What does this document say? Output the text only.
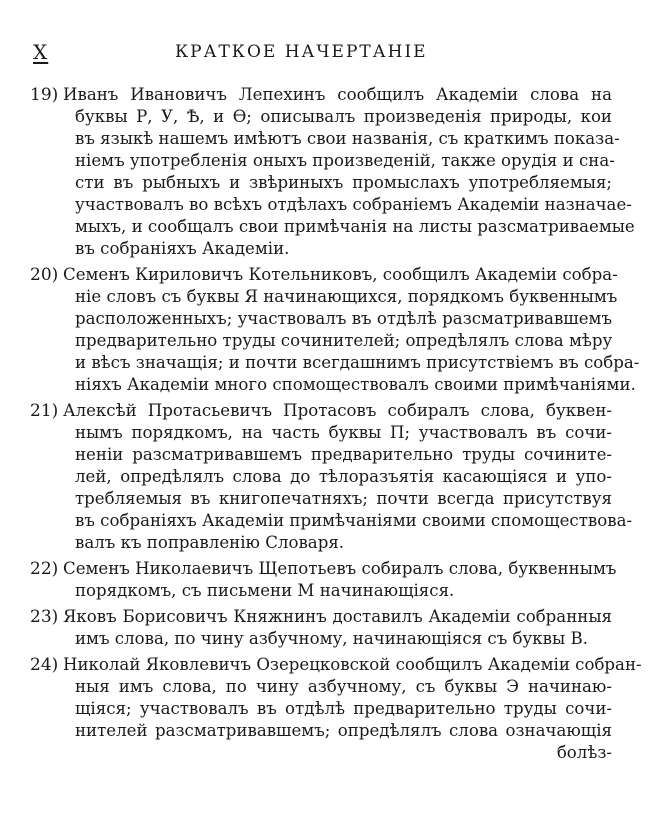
X	КРАТКОЕ НАЧЕРТАНІЕ
19) Иванъ Ивановичъ Лепехинъ сообщилъ Академіи слова на
буквы Р, У, Ѣ, и Ѳ; описывалъ произведенія природы, кои
въ языкѣ нашемъ имѣютъ свои названія, съ краткимъ показа-
ніемъ употребленія оныхъ произведеній, также орудія и сна-
сти въ рыбныхъ и звѣриныхъ промыслахъ употребляемыя;
участвовалъ во всѣхъ отдѣлахъ собраніемъ Академіи назначае-
мыхъ, и сообщалъ свои примѣчанія на листы разсматриваемые
въ собраніяхъ Академіи.
20) Семенъ Кириловичъ Котельниковъ, сообщилъ Академіи собра-
ніе словъ съ буквы Я начинающихся, порядкомъ буквеннымъ
расположенныхъ; участвовалъ въ отдѣлѣ разсматривавшемъ
предварительно труды сочинителей; опредѣлялъ слова мѣру
и вѣсъ значащія; и почти всегдашнимъ присутствіемъ въ собра-
ніяхъ Академіи много спомоществовалъ своими примѣчаніями.
21) Алексѣй Протасьевичъ Протасовъ собиралъ слова, буквен-
нымъ порядкомъ, на часть буквы П; участвовалъ въ сочи-
неніи разсматривавшемъ предварительно труды сочинитe-
лей, опредѣлялъ слова до тѣлоразъятія касающіяся и упо-
требляемыя въ книгопечатняхъ; почти всегда присутствуя
въ собраніяхъ Академіи примѣчаніями своими спомоществова-
валъ къ поправленію Словаря.
22) Семенъ Николаевичъ Щепотьевъ собиралъ слова, буквеннымъ
порядкомъ, съ письмени М начинающіяся.
23) Яковъ Борисовичъ Княжнинъ доставилъ Академіи собранныя
имъ слова, по чину азбучному, начинающіяся съ буквы В.
24) Николай Яковлевичъ Озерецковской сообщилъ Академіи собран-
ныя имъ слова, по чину азбучному, съ буквы Э начинаю-
щіяся; участвовалъ въ отдѣлѣ предварительно труды сочи-
нителей разсматривавшемъ; опредѣлялъ слова означающія
болѣз-
